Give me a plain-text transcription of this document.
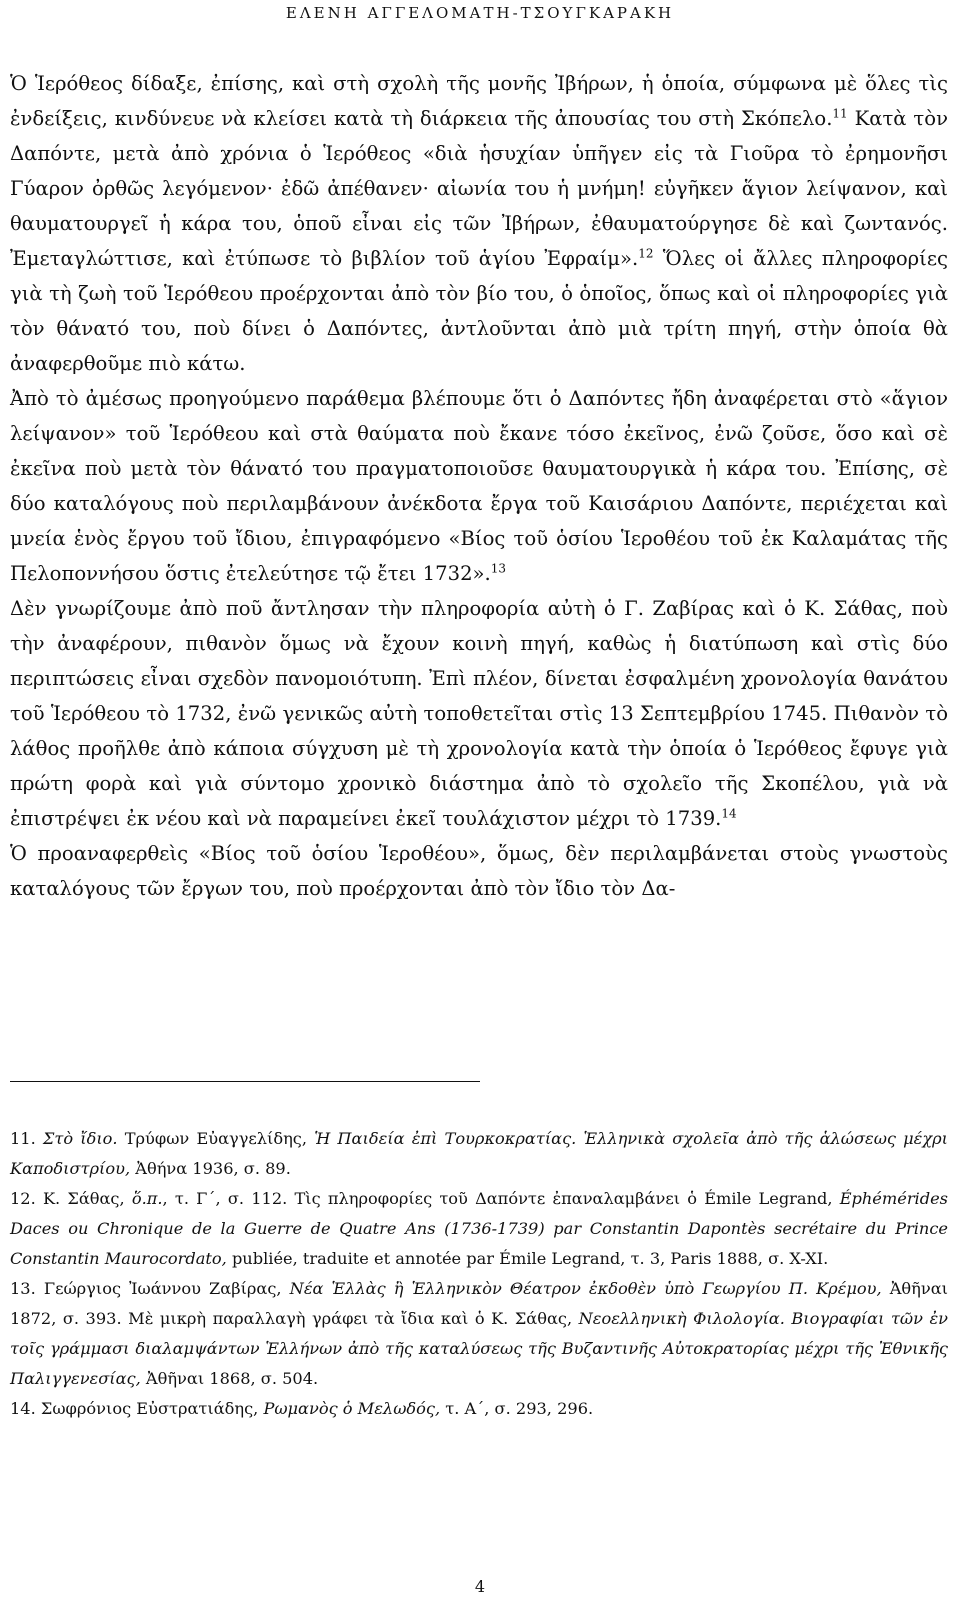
ΕΛΕΝΗ ΑΓΓΕΛΟΜΑΤΗ-ΤΣΟΥΓΚΑΡΑΚΗ

Ὁ Ἱερόθεος δίδαξε, ἐπίσης, καὶ στὴ σχολὴ τῆς μονῆς Ἰβήρων, ἡ ὁποία, σύμφωνα μὲ ὅλες τὶς ἐνδείξεις, κινδύνευε νὰ κλείσει κατὰ τὴ διάρκεια τῆς ἀπουσίας του στὴ Σκόπελο.$^{11}$ Κατὰ τὸν Δαπόντε, μετὰ ἀπὸ χρόνια ὁ Ἱερόθεος «διὰ ἡσυχίαν ὑπῆγεν εἰς τὰ Γιοῦρα τὸ ἐρημονῆσι Γύαρον ὀρθῶς λεγόμενον· ἐδῶ ἀπέθανεν· αἰωνία του ἡ μνήμη! εὐγῆκεν ἅγιον λείψανον, καὶ θαυματουργεῖ ἡ κάρα του, ὁποῦ εἶναι εἰς τῶν Ἰβήρων, ἐθαυματούργησε δὲ καὶ ζωντανός. Ἐμεταγλώττισε, καὶ ἐτύπωσε τὸ βιβλίον τοῦ ἁγίου Ἐφραίμ».$^{12}$ Ὅλες οἱ ἄλλες πληροφορίες γιὰ τὴ ζωὴ τοῦ Ἱερόθεου προέρχονται ἀπὸ τὸν βίο του, ὁ ὁποῖος, ὅπως καὶ οἱ πληροφορίες γιὰ τὸν θάνατό του, ποὺ δίνει ὁ Δαπόντες, ἀντλοῦνται ἀπὸ μιὰ τρίτη πηγή, στὴν ὁποία θὰ ἀναφερθοῦμε πιὸ κάτω.

Ἀπὸ τὸ ἀμέσως προηγούμενο παράθεμα βλέπουμε ὅτι ὁ Δαπόντες ἤδη ἀναφέρεται στὸ «ἅγιον λείψανον» τοῦ Ἱερόθεου καὶ στὰ θαύματα ποὺ ἔκανε τόσο ἐκεῖνος, ἐνῶ ζοῦσε, ὅσο καὶ σὲ ἐκεῖνα ποὺ μετὰ τὸν θάνατό του πραγματοποιοῦσε θαυματουργικὰ ἡ κάρα του. Ἐπίσης, σὲ δύο καταλόγους ποὺ περιλαμβάνουν ἀνέκδοτα ἔργα τοῦ Καισάριου Δαπόντε, περιέχεται καὶ μνεία ἑνὸς ἔργου τοῦ ἴδιου, ἐπιγραφόμενο «Βίος τοῦ ὁσίου Ἱεροθέου τοῦ ἐκ Καλαμάτας τῆς Πελοποννήσου ὅστις ἐτελεύτησε τῷ ἔτει 1732».$^{13}$

Δὲν γνωρίζουμε ἀπὸ ποῦ ἄντλησαν τὴν πληροφορία αὐτὴ ὁ Γ. Ζαβίρας καὶ ὁ Κ. Σάθας, ποὺ τὴν ἀναφέρουν, πιθανὸν ὅμως νὰ ἔχουν κοινὴ πηγή, καθὼς ἡ διατύπωση καὶ στὶς δύο περιπτώσεις εἶναι σχεδὸν πανομοιότυπη. Ἐπὶ πλέον, δίνεται ἐσφαλμένη χρονολογία θανάτου τοῦ Ἱερόθεου τὸ 1732, ἐνῶ γενικῶς αὐτὴ τοποθετεῖται στὶς 13 Σεπτεμβρίου 1745. Πιθανὸν τὸ λάθος προῆλθε ἀπὸ κάποια σύγχυση μὲ τὴ χρονολογία κατὰ τὴν ὁποία ὁ Ἱερόθεος ἔφυγε γιὰ πρώτη φορὰ καὶ γιὰ σύντομο χρονικὸ διάστημα ἀπὸ τὸ σχολεῖο τῆς Σκοπέλου, γιὰ νὰ ἐπιστρέψει ἐκ νέου καὶ νὰ παραμείνει ἐκεῖ τουλάχιστον μέχρι τὸ 1739.14

Ὁ προαναφερθεὶς «Βίος τοῦ ὁσίου Ἱεροθέου», ὅμως, δὲν περιλαμβάνεται στοὺς γνωστοὺς καταλόγους τῶν ἔργων του, ποὺ προέρχονται ἀπὸ τὸν ἴδιο τὸν Δα-

11. Στὸ ἴδιο. Τρύφων Εὐαγγελίδης, Ἡ Παιδεία ἐπὶ Τουρκοκρατίας. Ἑλληνικὰ σχολεῖα ἀπὸ τῆς ἁλώσεως μέχρι Καποδιστρίου, Ἀθήνα 1936, σ. 89.

12. Κ. Σάθας, ὅ.π., τ. Γ΄, σ. 112. Τὶς πληροφορίες τοῦ Δαπόντε ἐπαναλαμβάνει ὁ Émile Legrand, Éphémérides Daces ou Chronique de la Guerre de Quatre Ans (1736-1739) par Constantin Dapontès secrétaire du Prince Constantin Maurocordato, publiée, traduite et annotée par Émile Legrand, τ. 3, Paris 1888, σ. X-XI.

13. Γεώργιος Ἰωάννου Ζαβίρας, Νέα Ἑλλὰς ἢ Ἑλληνικὸν Θέατρον ἐκδοθὲν ὑπὸ Γεωργίου Π. Κρέμου, Ἀθῆναι 1872, σ. 393. Μὲ μικρὴ παραλλαγὴ γράφει τὰ ἴδια καὶ ὁ Κ. Σάθας, Νεοελληνικὴ Φιλολογία. Βιογραφίαι τῶν ἐν τοῖς γράμμασι διαλαμψάντων Ἑλλήνων ἀπὸ τῆς καταλύσεως τῆς Βυζαντινῆς Αὐτοκρατορίας μέχρι τῆς Ἐθνικῆς Παλιγγενεσίας, Ἀθῆναι 1868, σ. 504.

14. Σωφρόνιος Εὐστρατιάδης, Ρωμανὸς ὁ Μελωδός, τ. Α΄, σ. 293, 296.

4
